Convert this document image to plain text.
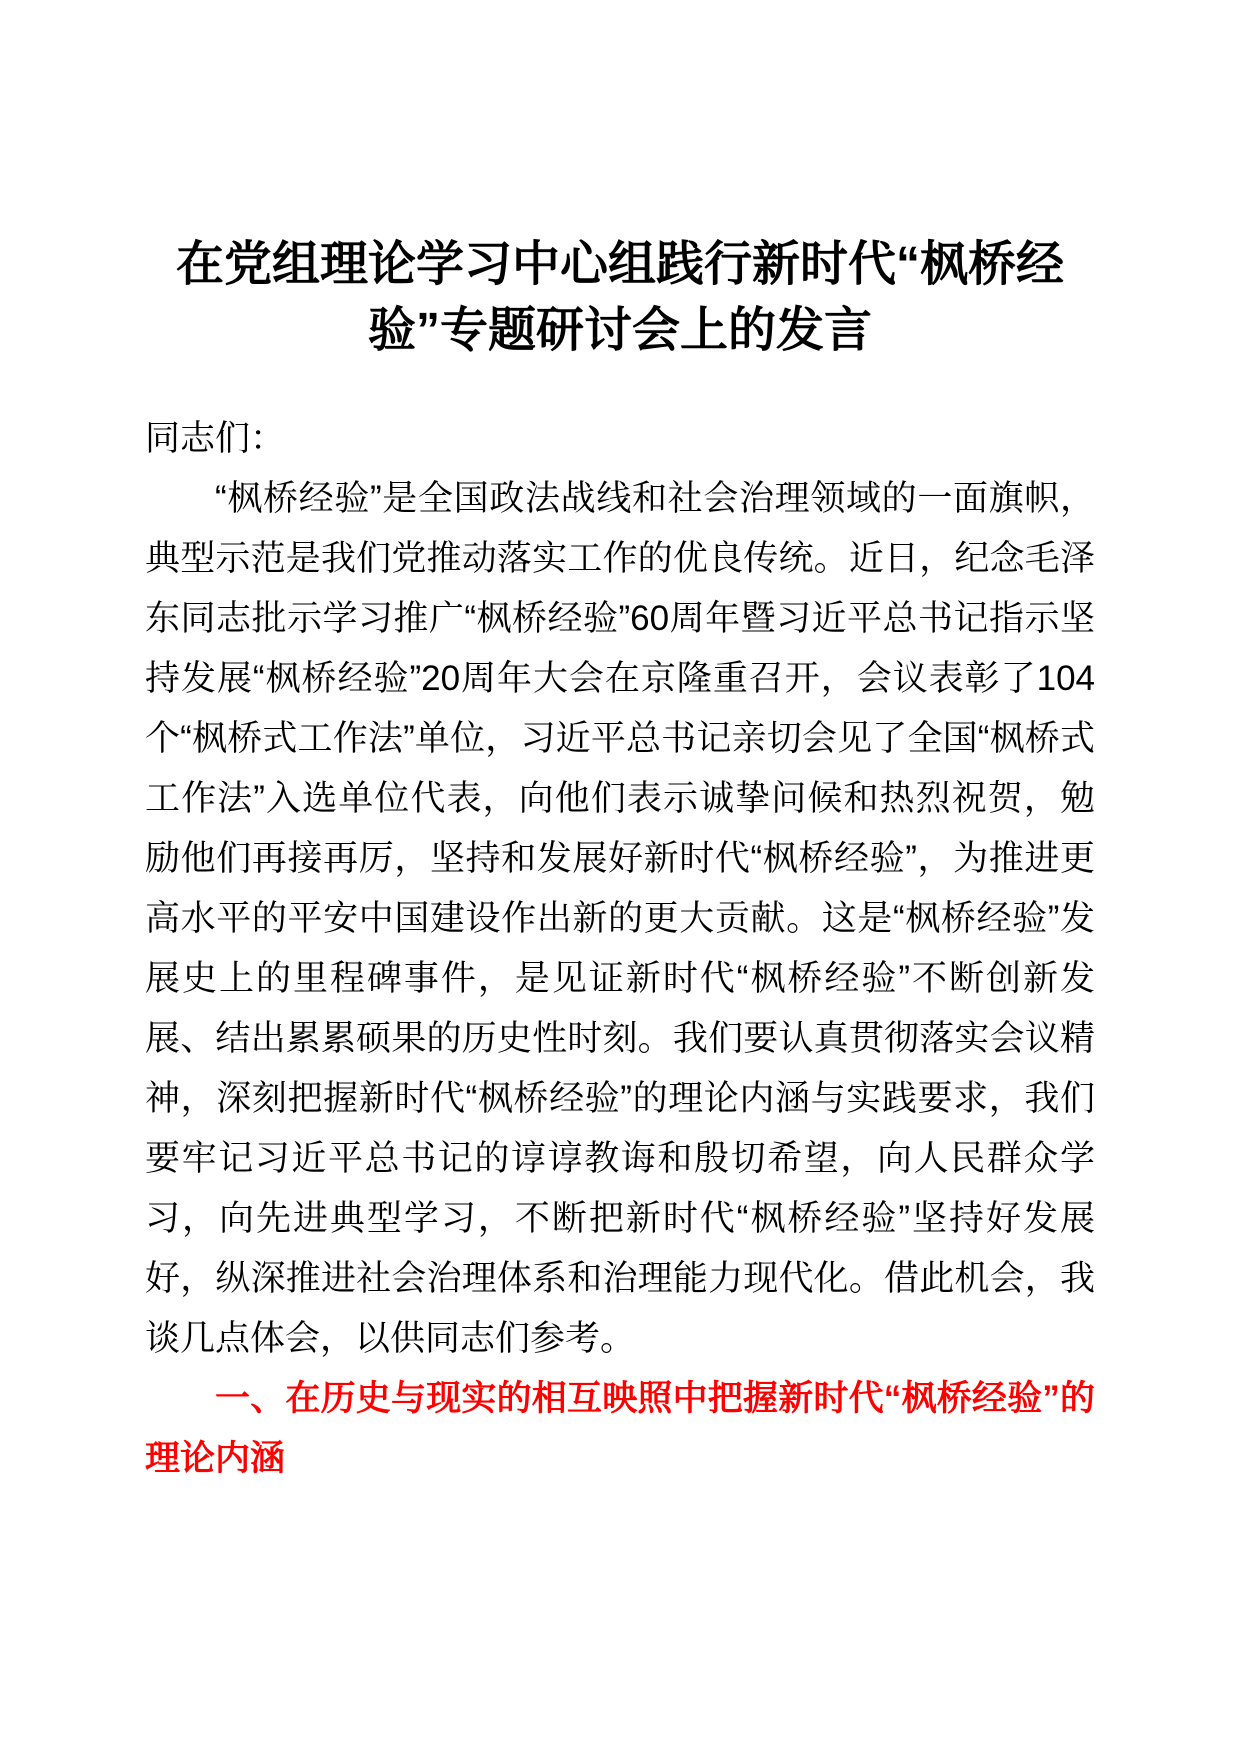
在党组理论学习中心组践行新时代“枫桥经验”专题研讨会上的发言

同志们：

“枫桥经验”是全国政法战线和社会治理领域的一面旗帜，典型示范是我们党推动落实工作的优良传统。近日，纪念毛泽东同志批示学习推广“枫桥经验”60周年暨习近平总书记指示坚持发展“枫桥经验”20周年大会在京隆重召开，会议表彰了104个“枫桥式工作法”单位，习近平总书记亲切会见了全国“枫桥式工作法”入选单位代表，向他们表示诚挚问候和热烈祝贺，勉励他们再接再厉，坚持和发展好新时代“枫桥经验”，为推进更高水平的平安中国建设作出新的更大贡献。这是“枫桥经验”发展史上的里程碑事件，是见证新时代“枫桥经验”不断创新发展、结出累累硕果的历史性时刻。我们要认真贯彻落实会议精神，深刻把握新时代“枫桥经验”的理论内涵与实践要求，我们要牢记习近平总书记的谆谆教诲和殷切希望，向人民群众学习，向先进典型学习，不断把新时代“枫桥经验”坚持好发展好，纵深推进社会治理体系和治理能力现代化。借此机会，我谈几点体会，以供同志们参考。

一、在历史与现实的相互映照中把握新时代“枫桥经验”的理论内涵
